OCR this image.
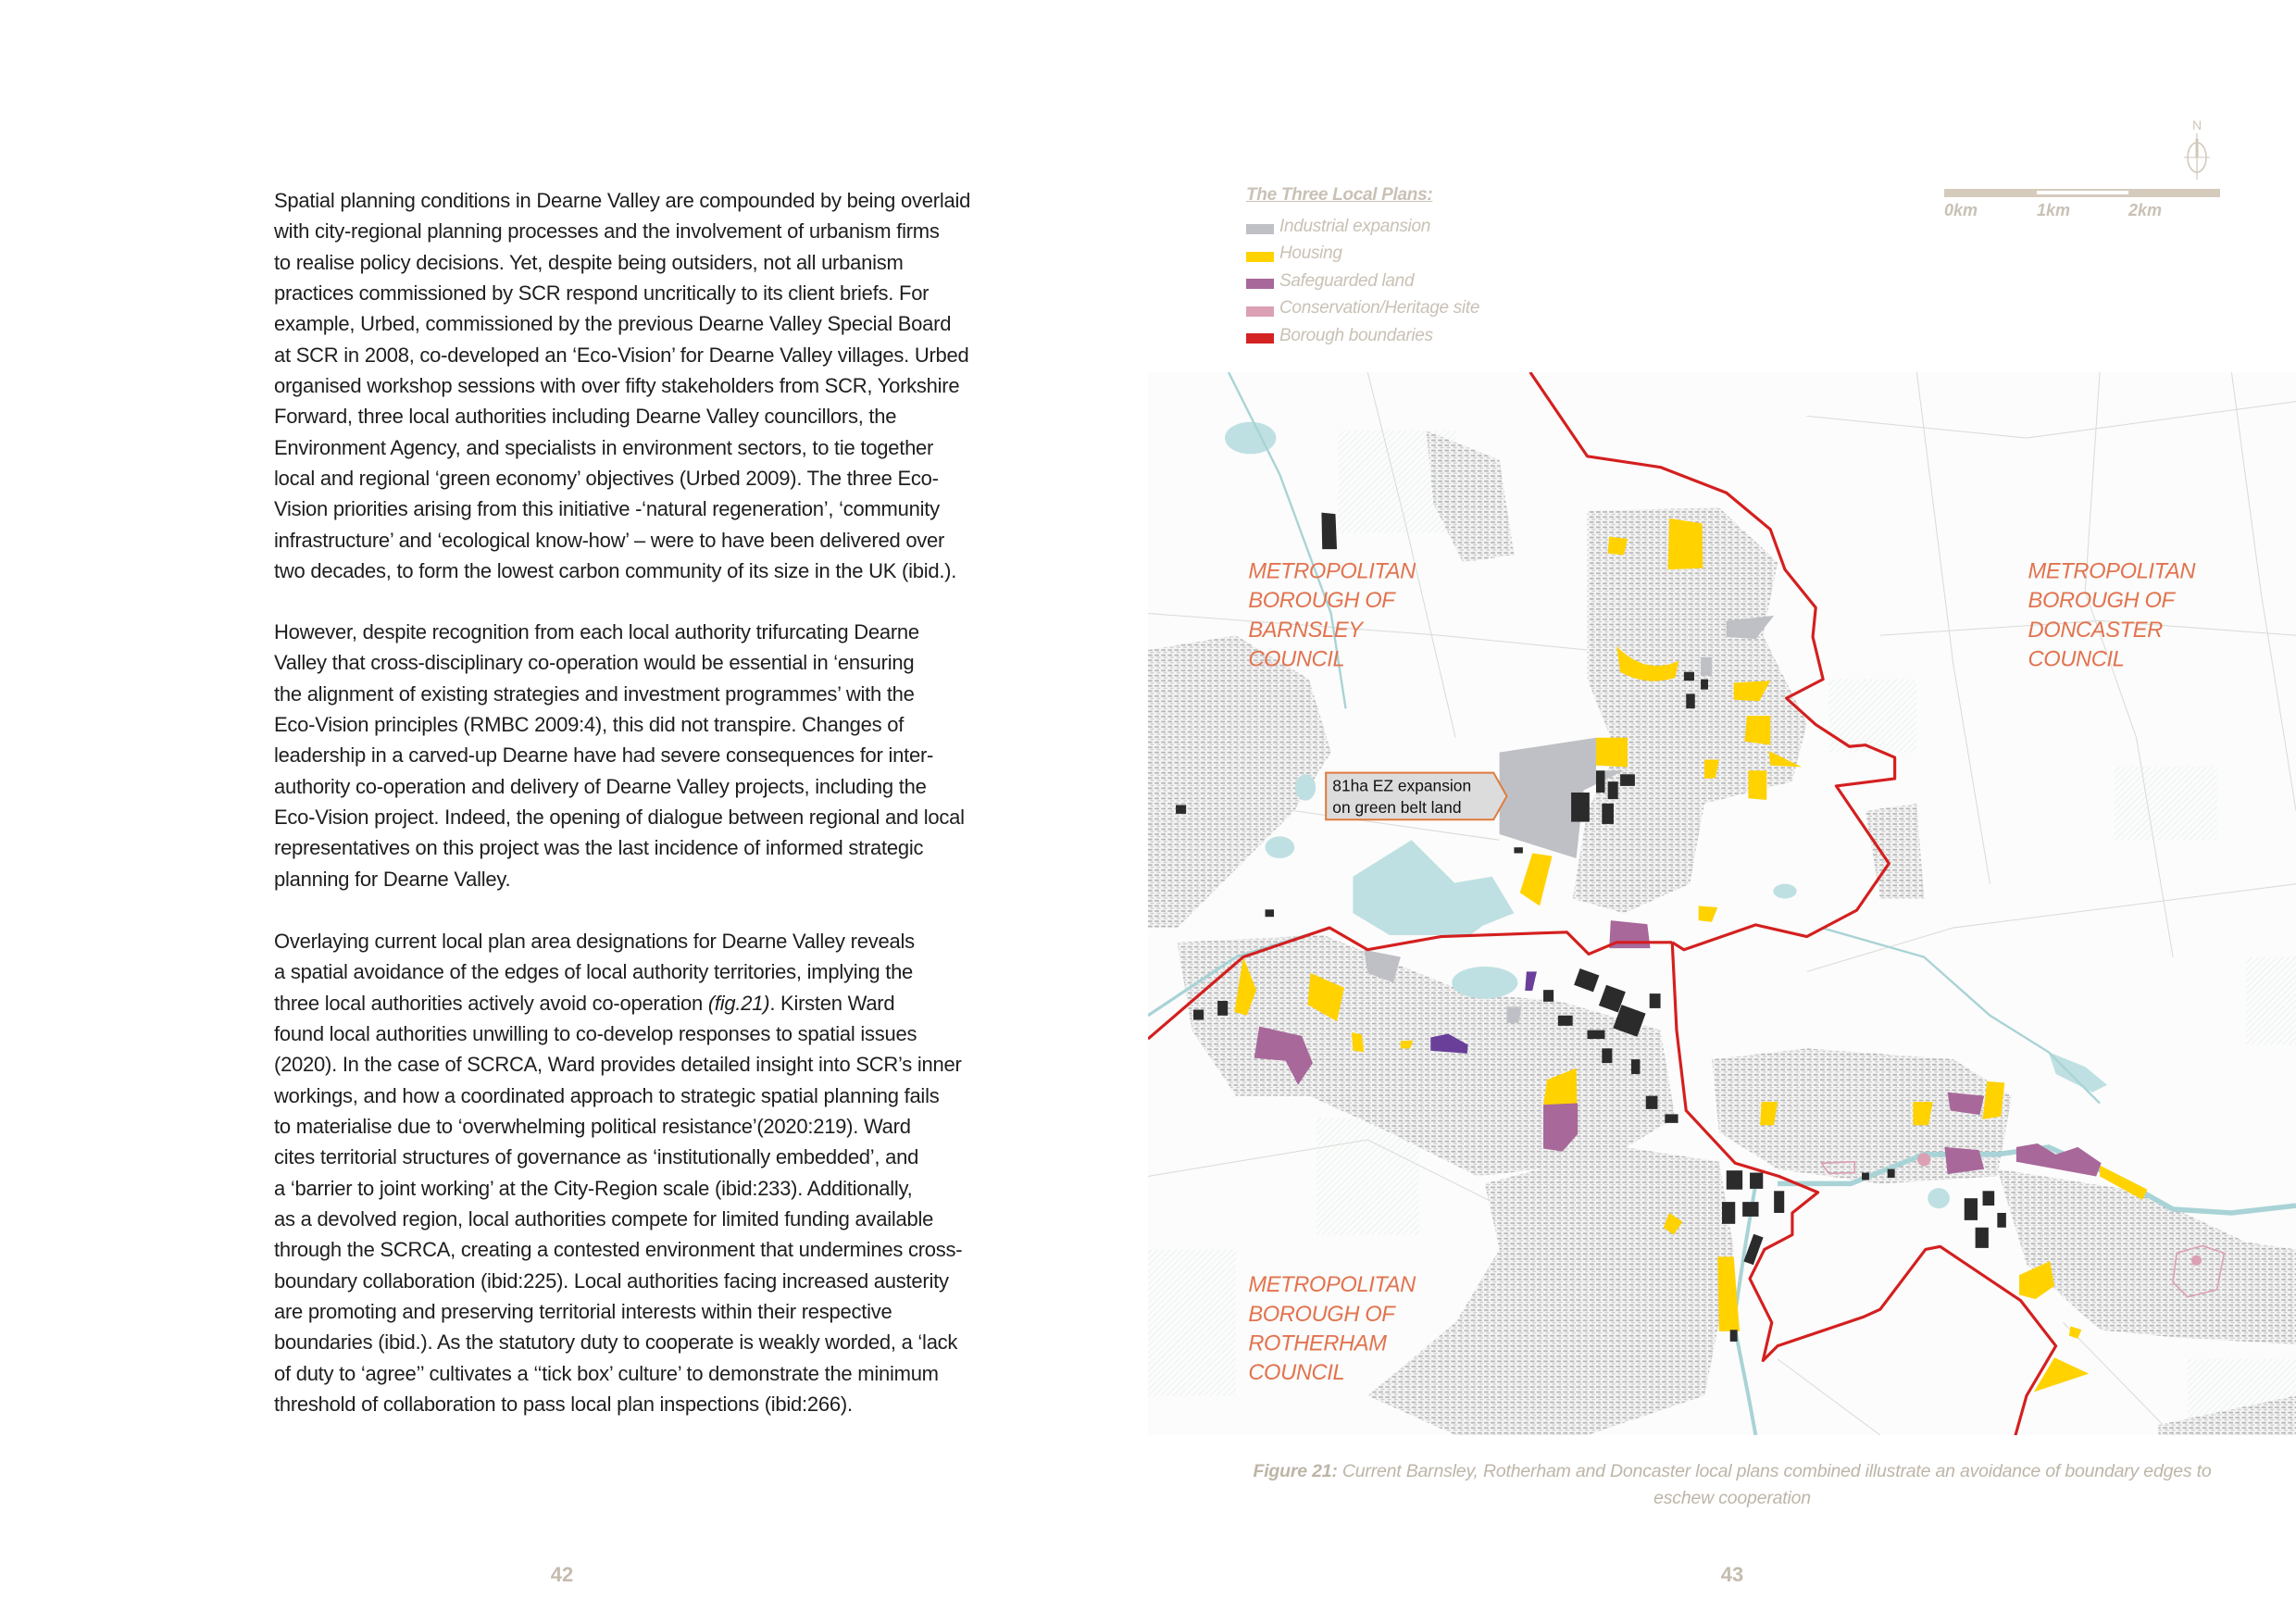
Spatial planning conditions in Dearne Valley are compounded by being overlaid
with city-regional planning processes and the involvement of urbanism firms
to realise policy decisions. Yet, despite being outsiders, not all urbanism
practices commissioned by SCR respond uncritically to its client briefs. For
example, Urbed, commissioned by the previous Dearne Valley Special Board
at SCR in 2008, co-developed an ‘Eco-Vision’ for Dearne Valley villages. Urbed
organised workshop sessions with over fifty stakeholders from SCR, Yorkshire
Forward, three local authorities including Dearne Valley councillors, the
Environment Agency, and specialists in environment sectors, to tie together
local and regional ‘green economy’ objectives (Urbed 2009). The three Eco-
Vision priorities arising from this initiative -‘natural regeneration’, ‘community
infrastructure’ and ‘ecological know-how’ – were to have been delivered over
two decades, to form the lowest carbon community of its size in the UK (ibid.).
However, despite recognition from each local authority trifurcating Dearne
Valley that cross-disciplinary co-operation would be essential in ‘ensuring
the alignment of existing strategies and investment programmes’ with the
Eco-Vision principles (RMBC 2009:4), this did not transpire. Changes of
leadership in a carved-up Dearne have had severe consequences for inter-
authority co-operation and delivery of Dearne Valley projects, including the
Eco-Vision project. Indeed, the opening of dialogue between regional and local
representatives on this project was the last incidence of informed strategic
planning for Dearne Valley.
Overlaying current local plan area designations for Dearne Valley reveals
a spatial avoidance of the edges of local authority territories, implying the
three local authorities actively avoid co-operation (fig.21). Kirsten Ward
found local authorities unwilling to co-develop responses to spatial issues
(2020). In the case of SCRCA, Ward provides detailed insight into SCR’s inner
workings, and how a coordinated approach to strategic spatial planning fails
to materialise due to ‘overwhelming political resistance’(2020:219). Ward
cites territorial structures of governance as ‘institutionally embedded’, and
a ‘barrier to joint working’ at the City-Region scale (ibid:233). Additionally,
as a devolved region, local authorities compete for limited funding available
through the SCRCA, creating a contested environment that undermines cross-
boundary collaboration (ibid:225). Local authorities facing increased austerity
are promoting and preserving territorial interests within their respective
boundaries (ibid.). As the statutory duty to cooperate is weakly worded, a ‘lack
of duty to ‘agree’’ cultivates a ‘‘tick box’ culture’ to demonstrate the minimum
threshold of collaboration to pass local plan inspections (ibid:266).
42
The Three Local Plans:
Industrial expansion
Housing
Safeguarded land
Conservation/Heritage site
Borough boundaries
0km	1km	2km
N
METROPOLITAN
BOROUGH OF
BARNSLEY
COUNCIL
METROPOLITAN
BOROUGH OF
DONCASTER
COUNCIL
METROPOLITAN
BOROUGH OF
ROTHERHAM
COUNCIL
81ha EZ expansion
on green belt land
Figure 21: Current Barnsley, Rotherham and Doncaster local plans combined illustrate an avoidance of boundary edges to eschew cooperation
43
